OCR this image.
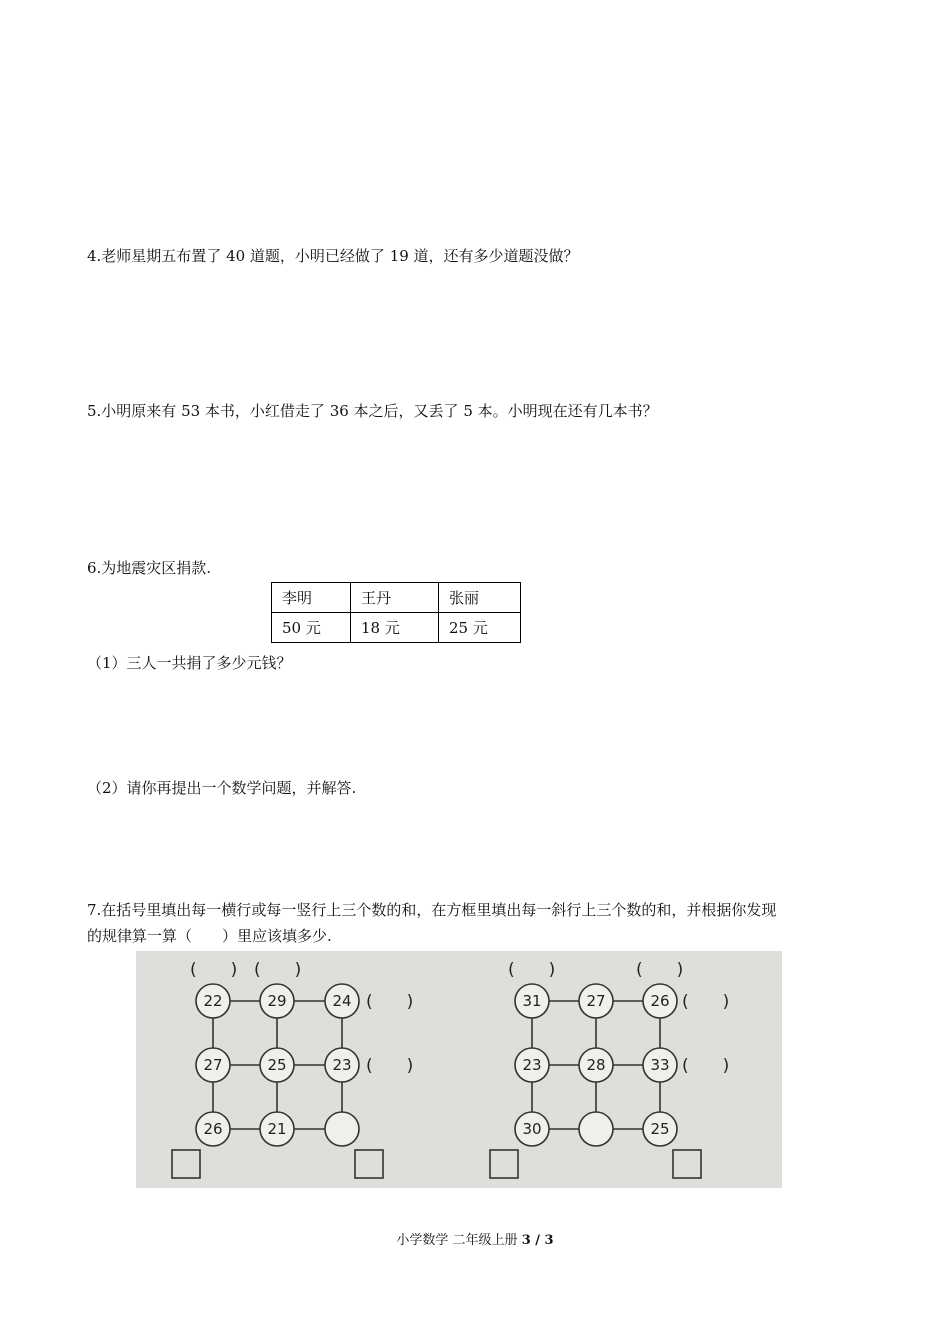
4.老师星期五布置了 40 道题，小明已经做了 19 道，还有多少道题没做？
5.小明原来有 53 本书，小红借走了 36 本之后，又丢了 5 本。小明现在还有几本书？
6.为地震灾区捐款.
李明	王丹	张丽
50 元	18 元	25 元
（1）三人一共捐了多少元钱？
（2）请你再提出一个数学问题，并解答.
7.在括号里填出每一横行或每一竖行上三个数的和，在方框里填出每一斜行上三个数的和，并根据你发现
的规律算一算（　　）里应该填多少.
22	29	24
27	25	23
26	21
31	27	26
23	28	33
30	25
(　　) (　　)
(　　)
(　　)
(　　)	(　　)
(　　)
(　　)
小学数学 二年级上册 3 / 3
